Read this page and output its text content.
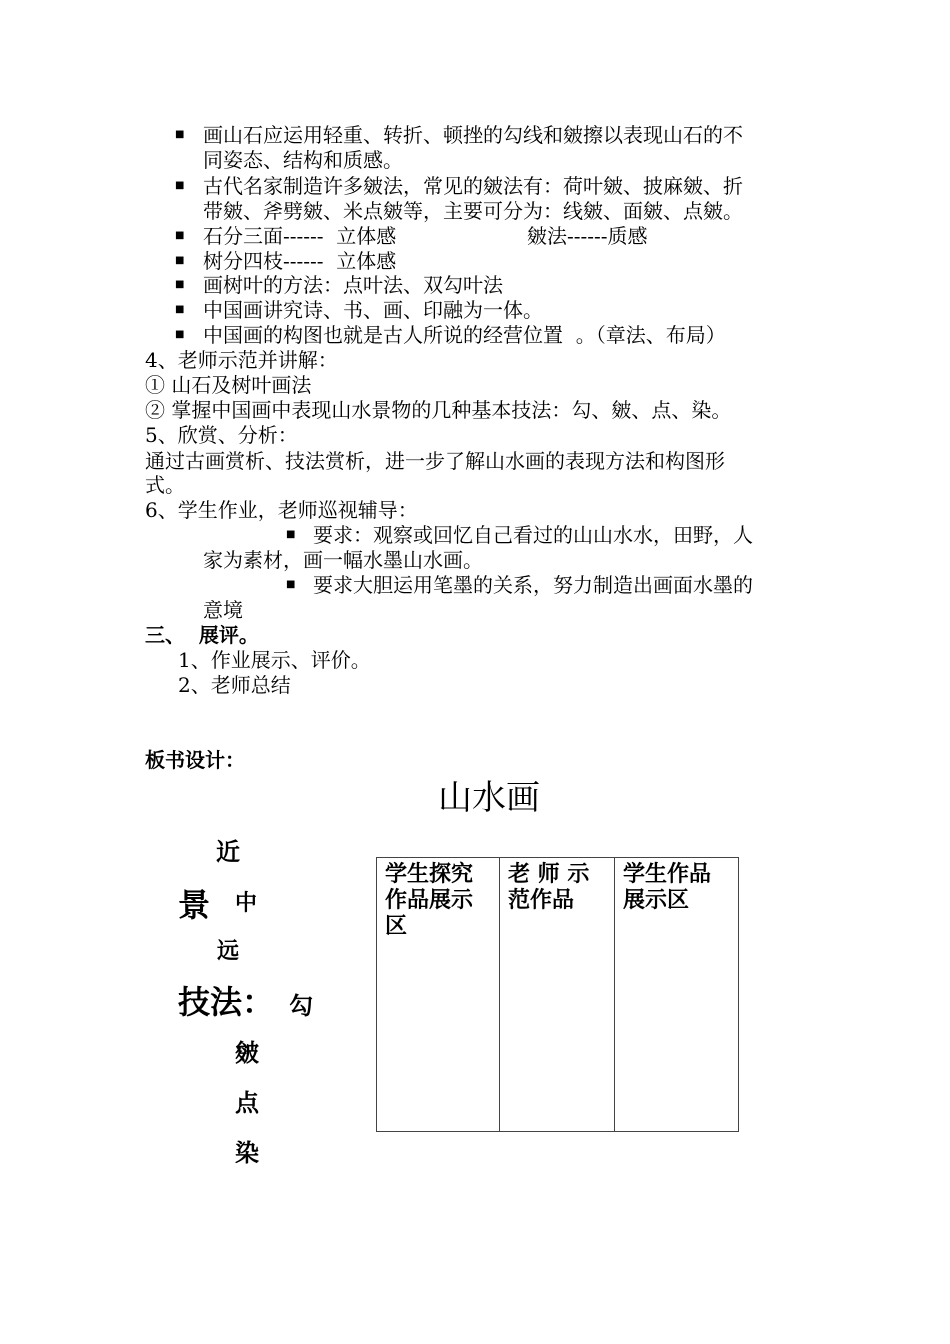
■ 画山石应运用轻重、转折、顿挫的勾线和皴擦以表现山石的不
同姿态、结构和质感。
■ 古代名家制造许多皴法，常见的皴法有：荷叶皴、披麻皴、折
带皴、斧劈皴、米点皴等，主要可分为：线皴、面皴、点皴。
■ 石分三面------  立体感	皴法------质感
■ 树分四枝------  立体感
■ 画树叶的方法：点叶法、双勾叶法
■ 中国画讲究诗、书、画、印融为一体。
■ 中国画的构图也就是古人所说的经营位置  。（章法、布局）
4、老师示范并讲解：
① 山石及树叶画法
② 掌握中国画中表现山水景物的几种基本技法：勾、皴、点、染。
5、欣赏、分析：
通过古画赏析、技法赏析，进一步了解山水画的表现方法和构图形
式。
6、学生作业，老师巡视辅导：
■ 要求：观察或回忆自己看过的山山水水，田野，人
家为素材，画一幅水墨山水画。
■ 要求大胆运用笔墨的关系，努力制造出画面水墨的
意境
三、  展评。
1、作业展示、评价。
2、老师总结
板书设计：
山水画
近
景 中
远
技法： 勾
皴
点
染
学生探究作品展示区	老 师 示 范作品	学生作品展示区
